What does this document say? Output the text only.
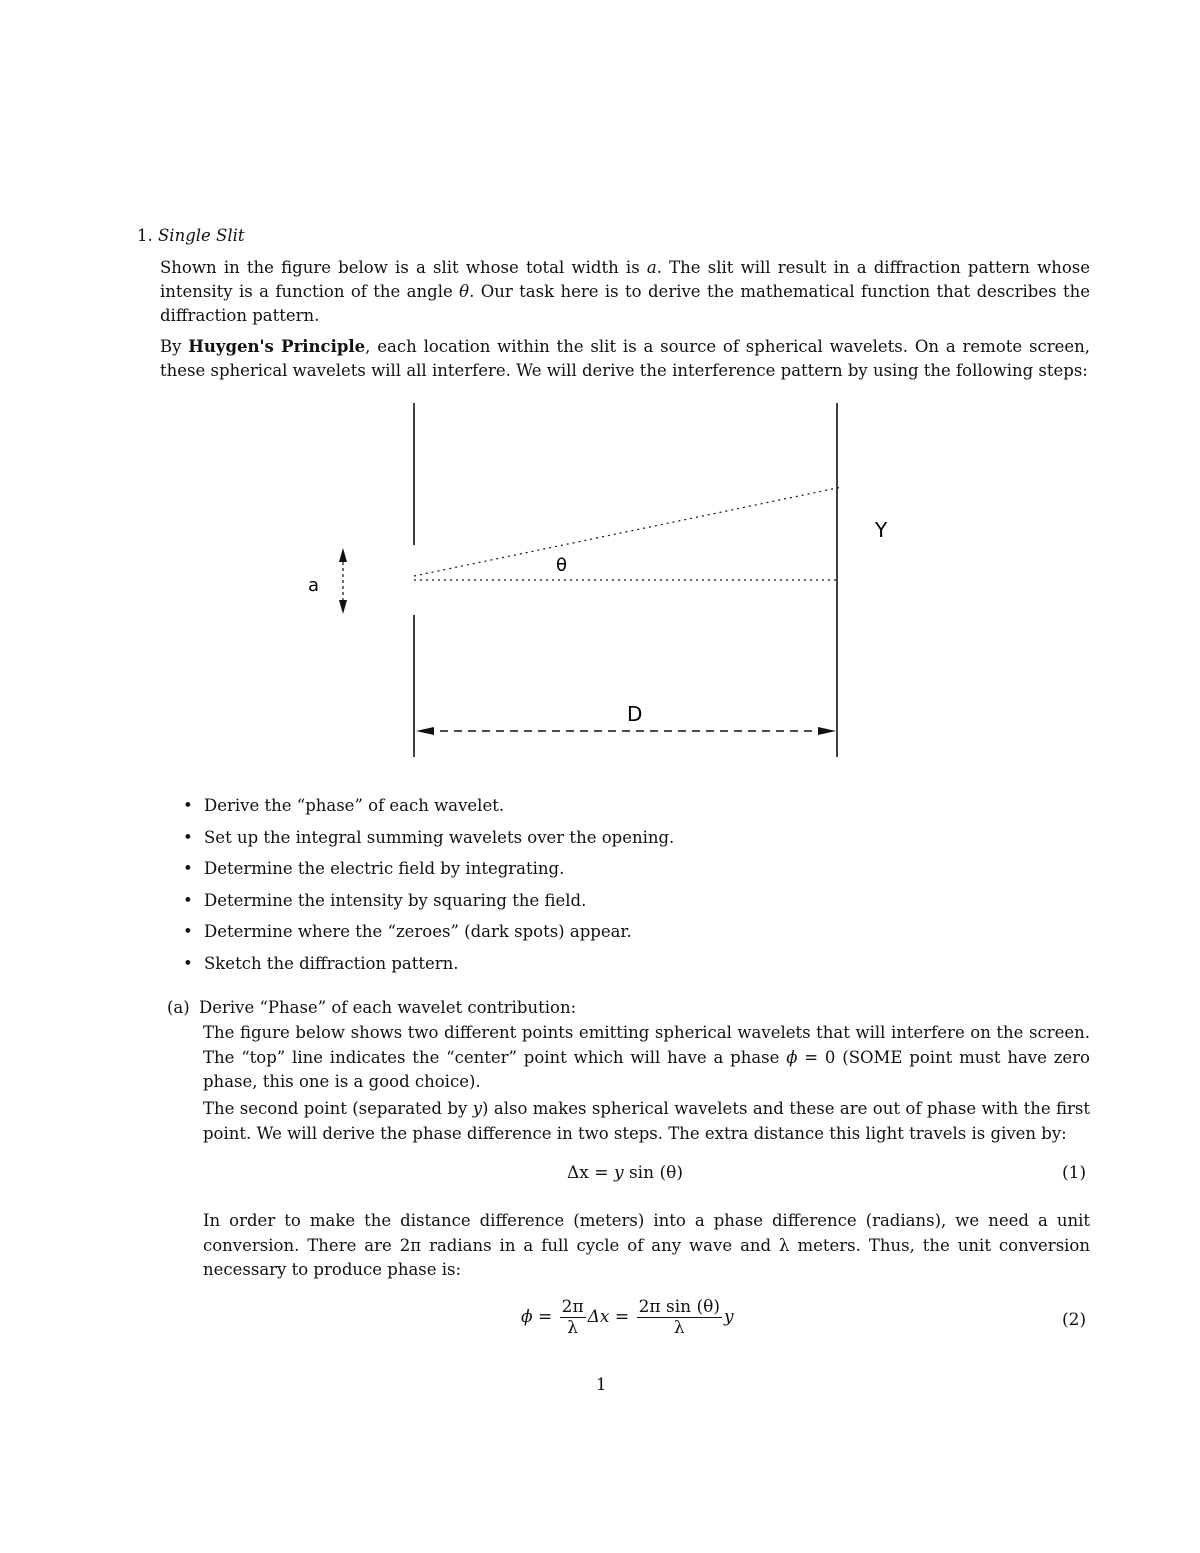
1. Single Slit
Shown in the figure below is a slit whose total width is a. The slit will result in a diffraction pattern whose intensity is a function of the angle θ. Our task here is to derive the mathematical function that describes the diffraction pattern.
By Huygen's Principle, each location within the slit is a source of spherical wavelets. On a remote screen, these spherical wavelets will all interfere. We will derive the interference pattern by using the following steps:
a
θ
Y
D
• Derive the “phase” of each wavelet.
• Set up the integral summing wavelets over the opening.
• Determine the electric field by integrating.
• Determine the intensity by squaring the field.
• Determine where the “zeroes” (dark spots) appear.
• Sketch the diffraction pattern.
(a) Derive “Phase” of each wavelet contribution:
The figure below shows two different points emitting spherical wavelets that will interfere on the screen. The “top” line indicates the “center” point which will have a phase ϕ = 0 (SOME point must have zero phase, this one is a good choice).
The second point (separated by y) also makes spherical wavelets and these are out of phase with the first point. We will derive the phase difference in two steps. The extra distance this light travels is given by:
Δx = y sin (θ)	(1)
In order to make the distance difference (meters) into a phase difference (radians), we need a unit conversion. There are 2π radians in a full cycle of any wave and λ meters. Thus, the unit conversion necessary to produce phase is:
$\phi = \frac{2\pi}{\lambda}$ $\Delta x = \frac{\text{2π sin (θ)}}{\lambda}$ y	(2)
1
